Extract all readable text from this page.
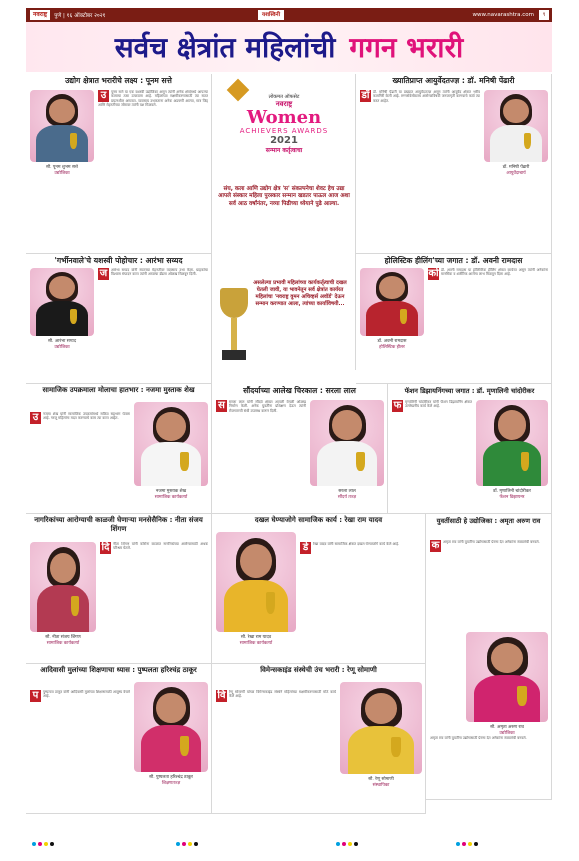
नवराष्ट्र	पुणे | १६ ऑक्टोबर २०२१	यशस्विनी	www.navarashtra.com	९
सर्वच क्षेत्रांत महिलांची गगन भरारी
उद्योग क्षेत्रात भरारीचे लक्ष्य : पूनम सत्ते
सौ. पूनम शुभम सत्ते
उद्योजिका
उ	पूनम सत्ते या एक यशस्वी उद्योजिका असून त्यांनी अनेक क्षेत्रांमध्ये आपल्या कामाचा ठसा उमटवला आहे. महिलांच्या सक्षमीकरणासाठी त्या सतत प्रयत्नशील असतात. व्यवसाय उभारताना अनेक अडचणी आल्या, मात्र जिद्द आणि मेहनतीच्या जोरावर त्यांनी यश मिळवले.
लोकमत ऑफसेट
नवराष्ट्र
Women
ACHIEVERS AWARDS
2021
सन्मान कर्तृत्वाचा
संघ, कला आणि उद्योग क्षेत्र 'स' संकल्पनेचा शेवट हेच उद्या आपले संस्कार महिला पुरस्कार सन्मान खडतर पाऊल आज अशा सर्व आठ वर्षांनंतर, नव्या पिढीच्या ध्येयाने पुढे आल्या.
असलेल्या प्रभावी महिलांच्या कार्यकर्तृत्वाची दखल घेतली जावी, या भावनेतून सर्व क्षेत्रांत कार्यरत महिलांचा 'नवराष्ट्र वुमन अचिव्हर्स अवॉर्ड' देऊन सन्मान करण्यात आला, त्यांच्या कार्याविषयी...
ख्यातिप्राप्त आयुर्वेदतज्ज्ञ : डॉ. मनिषी पेंढारी
डॉ डॉ. मनिषी पेंढारी या प्रख्यात आयुर्वेदतज्ज्ञ असून त्यांनी आयुर्वेद क्षेत्रात भरीव कामगिरी केली आहे. रुग्णसेवेसोबतच आरोग्याविषयी जनजागृती करण्याचे कार्य त्या करत आहेत.
डॉ. मनिषी पेंढारी
आयुर्वेदाचार्य
'गर्भीनवाले'चे यशस्वी पोहोचार : आरंभा सय्यद
सौ. आरंभा सय्यद
उद्योजिका
ज	आरंभा सय्यद यांनी स्वतःच्या मेहनतीवर व्यवसाय उभा केला. ग्राहकांचा विश्वास संपादन करत त्यांनी आपल्या ब्रँडला ओळख मिळवून दिली.
होलिस्टिक हीलिंग'च्या जगात : डॉ. अवनी रामदास
डॉ. अवनी रामदास
होलिस्टिक हीलर
को डॉ. अवनी रामदास या होलिस्टिक हीलिंग क्षेत्रात कार्यरत असून त्यांनी अनेकांना मानसिक व शारीरिक आरोग्य लाभ मिळवून दिला आहे.
सामाजिक उपक्रमाला मोलाचा हातभार : नजमा मुस्ताक शेख
उ	नजमा शेख यांनी सामाजिक उपक्रमांमध्ये सक्रिय सहभाग घेतला आहे. गरजू महिलांना मदत करण्याचे काम त्या करत आहेत.
नजमा मुस्ताक शेख
सामाजिक कार्यकर्त्या
सौंदर्याच्या आलेख चिरकाल : सरला लाल
स	सरला लाल यांनी सौंदर्य क्षेत्रात आपली वेगळी ओळख निर्माण केली. अनेक युवतींना प्रशिक्षण देऊन त्यांनी रोजगाराची संधी उपलब्ध करून दिली.
सरला लाल
सौंदर्य तज्ज्ञ
फॅशन डिझायनिंगच्या जगात : डॉ. मृणालिनी चांदोरीकर
फ	मृणालिनी चांदोरीकर यांनी फॅशन डिझायनिंग क्षेत्रात उल्लेखनीय कार्य केले आहे.
डॉ. मृणालिनी चांदोरीकर
फॅशन डिझायनर
नागरिकांच्या आरोग्याची काळजी घेणाऱ्या मनसेसैनिक : नीता संजय शिंगण
सौ. नीता संजय शिंगण
सामाजिक कार्यकर्त्या
दि नीता शिंगण यांनी कोरोना काळात नागरिकांच्या आरोग्यासाठी अथक परिश्रम घेतले.
दखल घेण्याजोगे सामाजिक कार्य : रेखा राम यादव
सौ. रेखा राम यादव
सामाजिक कार्यकर्त्या
डे	रेखा यादव यांनी सामाजिक क्षेत्रात दखल घेण्याजोगे कार्य केले आहे.
युवतींसाठी हे उद्योजिका : अमृता अरुण राव
क	अमृता राव यांनी युवतींना उद्योगासाठी प्रेरणा देत अनेकांना स्वावलंबी बनवले.
सौ. अमृता अरुण राव
उद्योजिका
अमृता राव यांनी युवतींना उद्योगासाठी प्रेरणा देत अनेकांना स्वावलंबी बनवले.
आदिवासी मुलांच्या शिक्षणाचा ध्यास : पुष्पलता हरिश्चंद्र ठाकूर
प	पुष्पलता ठाकूर यांनी आदिवासी मुलांच्या शिक्षणासाठी आयुष्य वेचले आहे.
सौ. पुष्पलता हरिश्चंद्र ठाकूर
शिक्षणतज्ज्ञ
विमेन्सकाइंड संस्थेची उंच भरारी : रेणू सोमाणी
वि रेणू सोमाणी यांच्या विमेन्सकाइंड संस्थेने महिलांच्या सक्षमीकरणासाठी मोठे कार्य केले आहे.
सौ. रेणू सोमाणी
संस्थापिका
